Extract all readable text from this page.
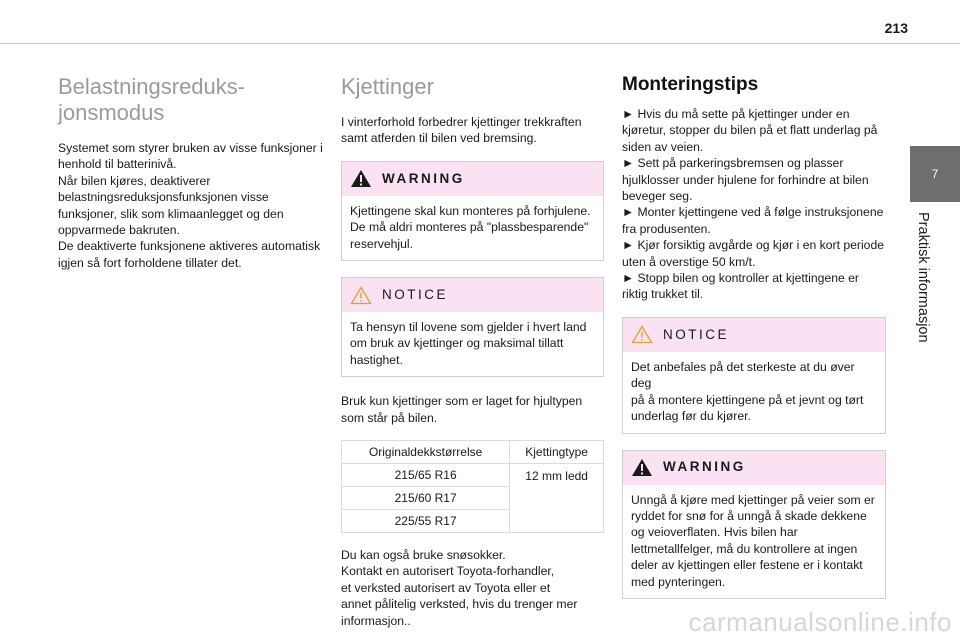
213
7
Praktisk informasjon
Belastningsreduks-
jonsmodus

Systemet som styrer bruken av visse funksjoner i
henhold til batterinivå.
Når bilen kjøres, deaktiverer
belastningsreduksjonsfunksjonen visse
funksjoner, slik som klimaanlegget og den
oppvarmede bakruten.
De deaktiverte funksjonene aktiveres automatisk
igjen så fort forholdene tillater det.

Kjettinger

I vinterforhold forbedrer kjettinger trekkraften
samt atferden til bilen ved bremsing.

WARNING
Kjettingene skal kun monteres på forhjulene.
De må aldri monteres på "plassbesparende"
reservehjul.
NOTICE
Ta hensyn til lovene som gjelder i hvert land
om bruk av kjettinger og maksimal tillatt
hastighet.

Bruk kun kjettinger som er laget for hjultypen
som står på bilen.

Originaldekkstørrelse	Kjettingtype
215/65 R16	12 mm ledd
215/60 R17	
225/55 R17	

Du kan også bruke snøsokker.
Kontakt en autorisert Toyota-forhandler,
et verksted autorisert av Toyota eller et
annet pålitelig verksted, hvis du trenger mer
informasjon..

Monteringstips

► Hvis du må sette på kjettinger under en
kjøretur, stopper du bilen på et flatt underlag på
siden av veien.
► Sett på parkeringsbremsen og plasser
hjulklosser under hjulene for forhindre at bilen
beveger seg.
► Monter kjettingene ved å følge instruksjonene
fra produsenten.
► Kjør forsiktig avgårde og kjør i en kort periode
uten å overstige 50 km/t.
► Stopp bilen og kontroller at kjettingene er
riktig trukket til.

NOTICE
Det anbefales på det sterkeste at du øver deg
på å montere kjettingene på et jevnt og tørt
underlag før du kjører.
WARNING
Unngå å kjøre med kjettinger på veier som er
ryddet for snø for å unngå å skade dekkene
og veioverflaten. Hvis bilen har
lettmetallfelger, må du kontrollere at ingen
deler av kjettingen eller festene er i kontakt
med pynteringen.
carmanualsonline.info
